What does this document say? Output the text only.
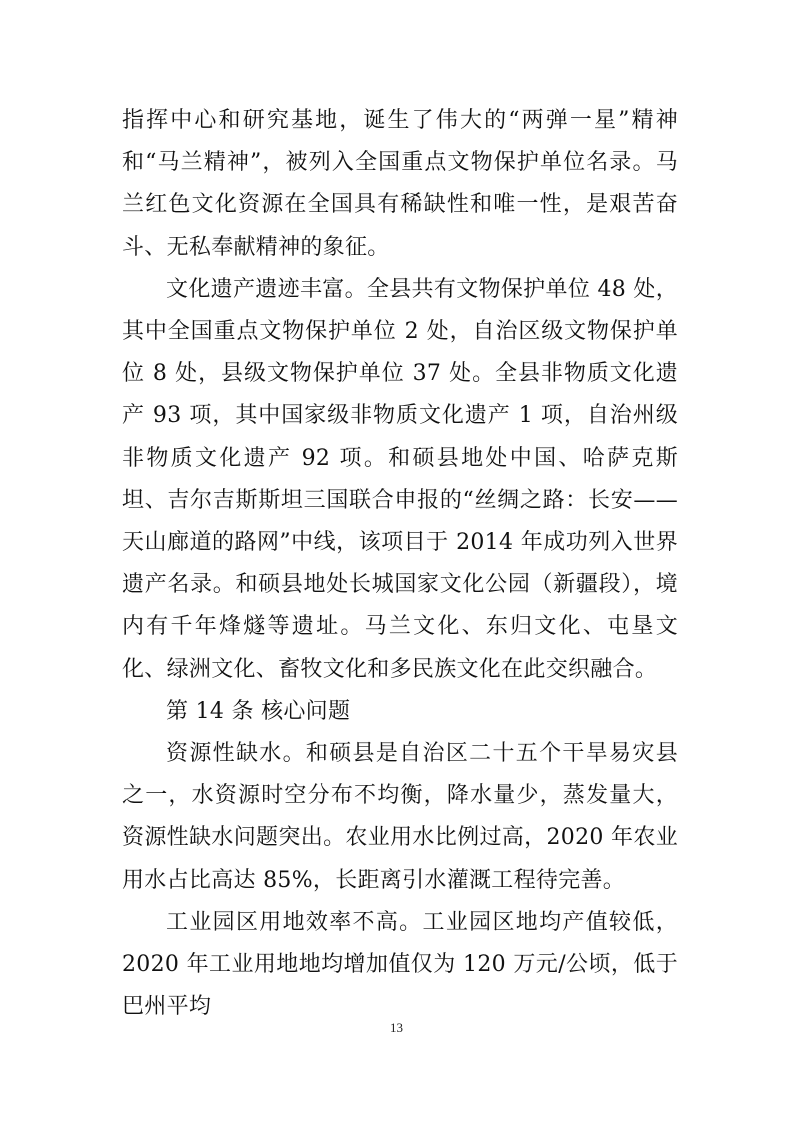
指挥中心和研究基地，诞生了伟大的“两弹一星”精神和“马兰精神”，被列入全国重点文物保护单位名录。马兰红色文化资源在全国具有稀缺性和唯一性，是艰苦奋斗、无私奉献精神的象征。

文化遗产遗迹丰富。全县共有文物保护单位 48 处，其中全国重点文物保护单位 2 处，自治区级文物保护单位 8 处，县级文物保护单位 37 处。全县非物质文化遗产 93 项，其中国家级非物质文化遗产 1 项，自治州级非物质文化遗产 92 项。和硕县地处中国、哈萨克斯坦、吉尔吉斯斯坦三国联合申报的“丝绸之路：长安——天山廊道的路网”中线，该项目于 2014 年成功列入世界遗产名录。和硕县地处长城国家文化公园（新疆段），境内有千年烽燧等遗址。马兰文化、东归文化、屯垦文化、绿洲文化、畜牧文化和多民族文化在此交织融合。

第 14 条 核心问题

资源性缺水。和硕县是自治区二十五个干旱易灾县之一，水资源时空分布不均衡，降水量少，蒸发量大，资源性缺水问题突出。农业用水比例过高，2020 年农业用水占比高达 85%，长距离引水灌溉工程待完善。

工业园区用地效率不高。工业园区地均产值较低，2020 年工业用地地均增加值仅为 120 万元/公顷，低于巴州平均

13
